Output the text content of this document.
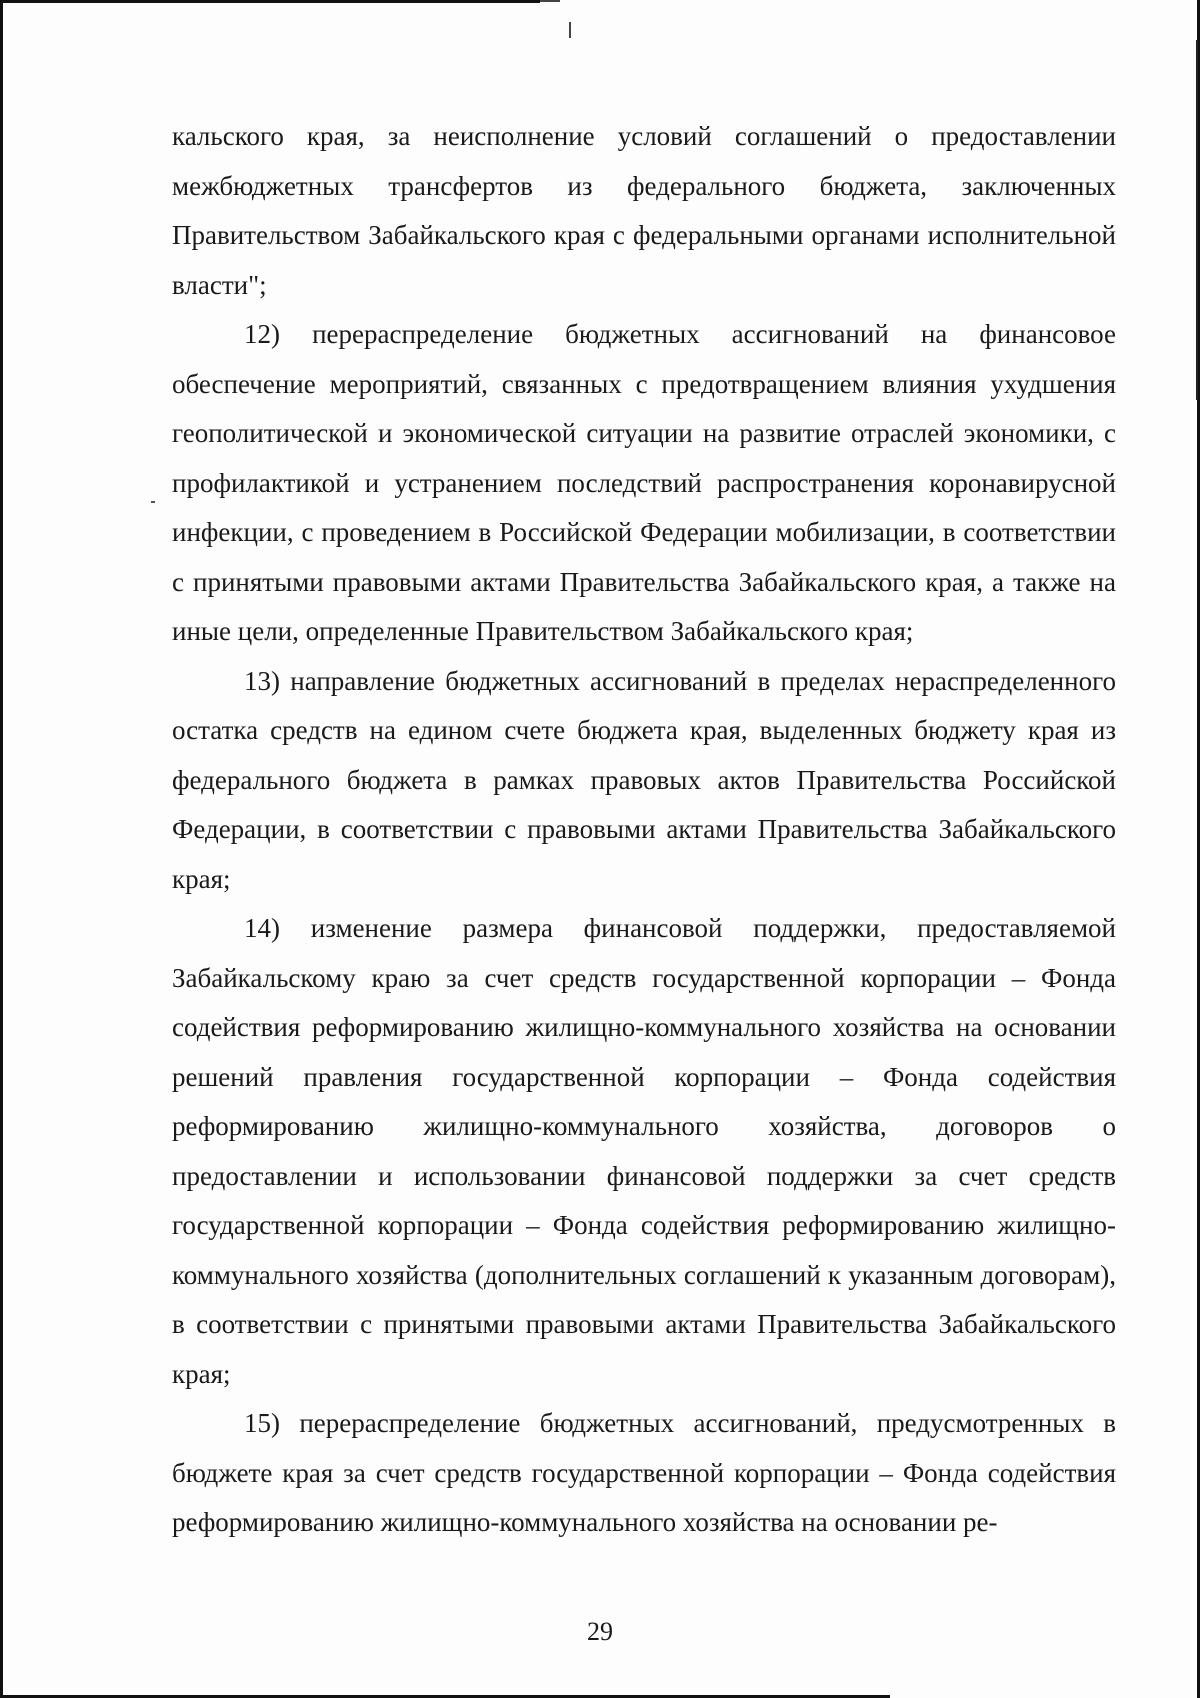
кальского края, за неисполнение условий соглашений о предоставлении межбюджетных трансфертов из федерального бюджета, заключенных Правительством Забайкальского края с федеральными органами исполнительной власти";

12) перераспределение бюджетных ассигнований на финансовое обеспечение мероприятий, связанных с предотвращением влияния ухудшения геополитической и экономической ситуации на развитие отраслей экономики, с профилактикой и устранением последствий распространения коронавирусной инфекции, с проведением в Российской Федерации мобилизации, в соответствии с принятыми правовыми актами Правительства Забайкальского края, а также на иные цели, определенные Правительством Забайкальского края;

13) направление бюджетных ассигнований в пределах нераспределенного остатка средств на едином счете бюджета края, выделенных бюджету края из федерального бюджета в рамках правовых актов Правительства Российской Федерации, в соответствии с правовыми актами Правительства Забайкальского края;

14) изменение размера финансовой поддержки, предоставляемой Забайкальскому краю за счет средств государственной корпорации – Фонда содействия реформированию жилищно-коммунального хозяйства на основании решений правления государственной корпорации – Фонда содействия реформированию жилищно-коммунального хозяйства, договоров о предоставлении и использовании финансовой поддержки за счет средств государственной корпорации – Фонда содействия реформированию жилищно-коммунального хозяйства (дополнительных соглашений к указанным договорам), в соответствии с принятыми правовыми актами Правительства Забайкальского края;

15) перераспределение бюджетных ассигнований, предусмотренных в бюджете края за счет средств государственной корпорации – Фонда содействия реформированию жилищно-коммунального хозяйства на основании ре-

29
